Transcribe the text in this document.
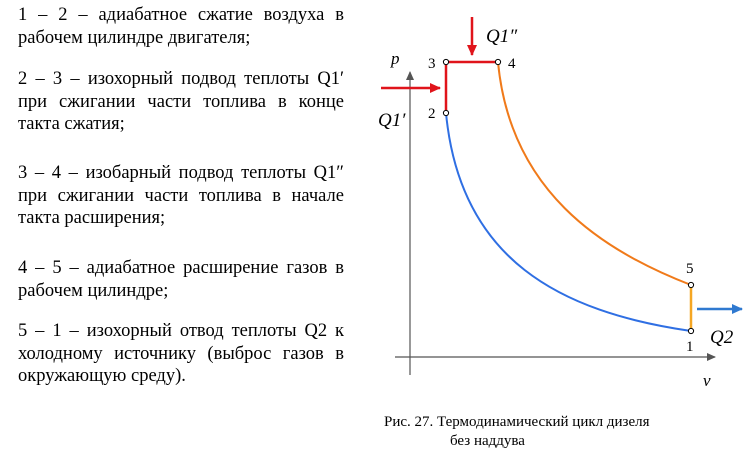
1 – 2 – адиабатное сжатие воздуха в рабочем цилиндре двигателя;
2 – 3 – изохорный подвод теплоты Q1′ при сжигании части топлива в конце такта сжатия;
3 – 4 – изобарный подвод теплоты Q1″ при сжигании части топлива в начале такта расширения;
4 – 5 – адиабатное расширение газов в рабочем цилиндре;
5 – 1 – изохорный отвод теплоты Q2 к холодному источнику (выброс газов в окружающую среду).
p
v
1
2
3	4
5
Q1′
Q1″
Q2
Рис. 27. Термодинамический цикл дизеля
без наддува
